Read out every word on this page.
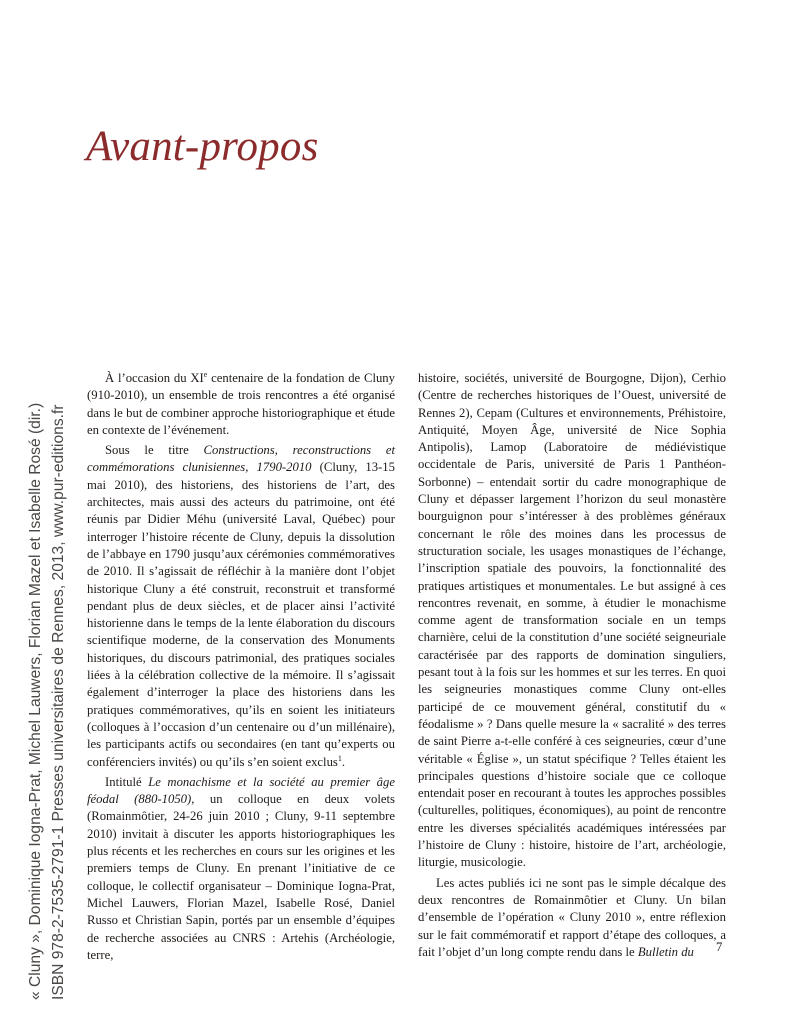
Avant-propos
« Cluny », Dominique Iogna-Prat, Michel Lauwers, Florian Mazel et Isabelle Rosé (dir.) ISBN 978-2-7535-2791-1 Presses universitaires de Rennes, 2013, www.pur-editions.fr

À l’occasion du XIe centenaire de la fondation de Cluny (910-2010), un ensemble de trois rencontres a été organisé dans le but de combiner approche historiographique et étude en contexte de l’événement.

Sous le titre Constructions, reconstructions et commémorations clunisiennes, 1790-2010 (Cluny, 13-15 mai 2010), des historiens, des historiens de l’art, des architectes, mais aussi des acteurs du patrimoine, ont été réunis par Didier Méhu (université Laval, Québec) pour interroger l’histoire récente de Cluny, depuis la dissolution de l’abbaye en 1790 jusqu’aux cérémonies commémoratives de 2010. Il s’agissait de réfléchir à la manière dont l’objet historique Cluny a été construit, reconstruit et transformé pendant plus de deux siècles, et de placer ainsi l’activité historienne dans le temps de la lente élaboration du discours scientifique moderne, de la conservation des Monuments historiques, du discours patrimonial, des pratiques sociales liées à la célébration collective de la mémoire. Il s’agissait également d’interroger la place des historiens dans les pratiques commémoratives, qu’ils en soient les initiateurs (colloques à l’occasion d’un centenaire ou d’un millénaire), les participants actifs ou secondaires (en tant qu’experts ou conférenciers invités) ou qu’ils s’en soient exclus$^1$.

Intitulé Le monachisme et la société au premier âge féodal (880-1050), un colloque en deux volets (Romainmôtier, 24-26 juin 2010 ; Cluny, 9-11 septembre 2010) invitait à discuter les apports historiographiques les plus récents et les recherches en cours sur les origines et les premiers temps de Cluny. En prenant l’initiative de ce colloque, le collectif organisateur – Dominique Iogna-Prat, Michel Lauwers, Florian Mazel, Isabelle Rosé, Daniel Russo et Christian Sapin, portés par un ensemble d’équipes de recherche associées au CNRS : Artehis (Archéologie, terre,

histoire, sociétés, université de Bourgogne, Dijon), Cerhio (Centre de recherches historiques de l’Ouest, université de Rennes 2), Cepam (Cultures et environnements, Préhistoire, Antiquité, Moyen Âge, université de Nice Sophia Antipolis), Lamop (Laboratoire de médiévistique occidentale de Paris, université de Paris 1 Panthéon-Sorbonne) – entendait sortir du cadre monographique de Cluny et dépasser largement l’horizon du seul monastère bourguignon pour s’intéresser à des problèmes généraux concernant le rôle des moines dans les processus de structuration sociale, les usages monastiques de l’échange, l’inscription spatiale des pouvoirs, la fonctionnalité des pratiques artistiques et monumentales. Le but assigné à ces rencontres revenait, en somme, à étudier le monachisme comme agent de transformation sociale en un temps charnière, celui de la constitution d’une société seigneuriale caractérisée par des rapports de domination singuliers, pesant tout à la fois sur les hommes et sur les terres. En quoi les seigneuries monastiques comme Cluny ont-elles participé de ce mouvement général, constitutif du « féodalisme » ? Dans quelle mesure la « sacralité » des terres de saint Pierre a-t-elle conféré à ces seigneuries, cœur d’une véritable « Église », un statut spécifique ? Telles étaient les principales questions d’histoire sociale que ce colloque entendait poser en recourant à toutes les approches possibles (culturelles, politiques, économiques), au point de rencontre entre les diverses spécialités académiques intéressées par l’histoire de Cluny : histoire, histoire de l’art, archéologie, liturgie, musicologie.

Les actes publiés ici ne sont pas le simple décalque des deux rencontres de Romainmôtier et Cluny. Un bilan d’ensemble de l’opération « Cluny 2010 », entre réflexion sur le fait commémoratif et rapport d’étape des colloques, a fait l’objet d’un long compte rendu dans le Bulletin du	7
